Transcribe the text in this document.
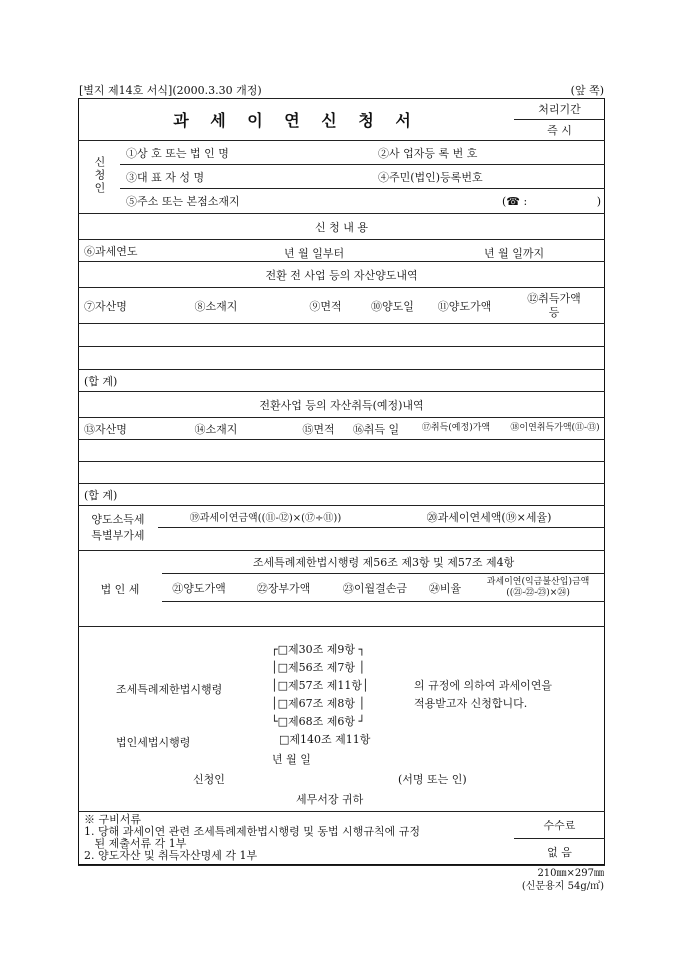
[별지 제14호 서식](2000.3.30 개정)	(앞 쪽)
과 세 이 연 신 청 서	처리기간
즉 시
신청인	①상 호 또는 법 인 명		②사 업자등 록 번 호	
	③대 표 자 성 명		④주민(법인)등록번호	
	⑤주소 또는 본점소재지	(☎ : )		
신 청 내 용
⑥과세연도	년 월 일부터	년 월 일까지
전환 전 사업 등의 자산양도내역					
⑦자산명	⑧소재지	⑨면적	⑩양도일	⑪양도가액	⑫취득가액
등

(합 계)					
전환사업 등의 자산취득(예정)내역					
⑬자산명	⑭소재지	⑮면적	⑯취득 일	⑰취득(예정)가액	⑱이연취득가액(⑪-⑬)

(합 계)					
양도소득세
특별부가세	⑲과세이연금액((⑪-⑫)×(⑰÷⑪))	⑳과세이연세액(⑲×세율)

법 인 세	조세특례제한법시행령 제56조 제3항 및 제57조 제4항				
	㉑양도가액	㉒장부가액	㉓이월결손금	㉔비율	과세이연(익금불산입)금액
((㉑-㉒-㉓)×㉔)

조세특례제한법시행령
법인세법시행령
┌□제30조 제9항 ┐
│□제56조 제7항 │
│□제57조 제11항│
│□제67조 제8항 │
└□제68조 제6항 ┘
□제140조 제11항
의 규정에 의하여 과세이연을
적용받고자 신청합니다.
년 월 일
신청인	(서명 또는 인)
세무서장 귀하
※ 구비서류
1. 당해 과세이연 관련 조세특례제한법시행령 및 동법 시행규칙에 규정
된 제출서류 각 1부
2. 양도자산 및 취득자산명세 각 1부
	수수료
없 음
210㎜×297㎜
(신문용지 54g/㎡)
